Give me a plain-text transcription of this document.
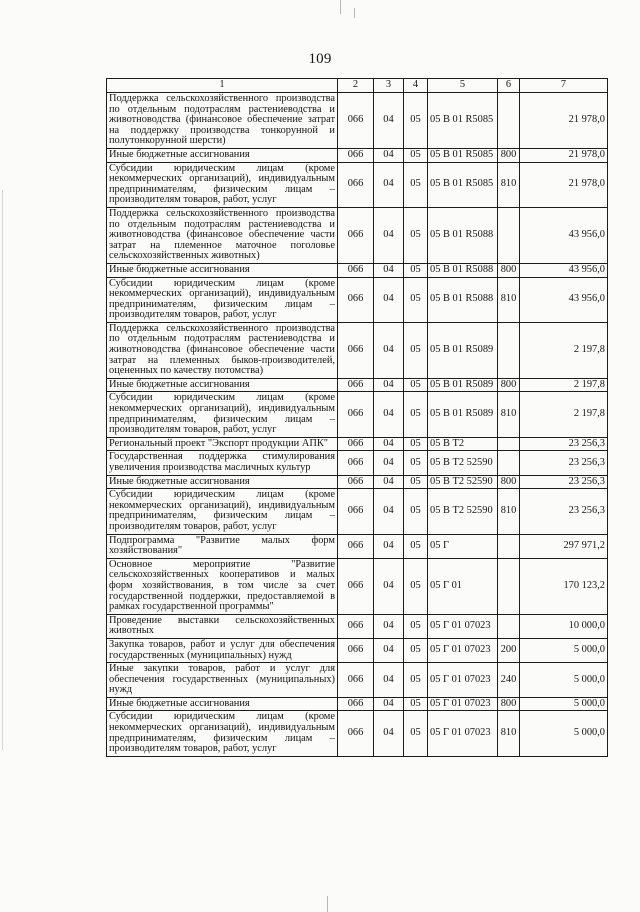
109
1	2	3	4	5	6	7
Поддержка сельскохозяйственного производства по отдельным подотраслям растениеводства и животноводства (финансовое обеспечение затрат на поддержку производства тонкорунной и полутонкорунной шерсти)	066	04	05	05 В 01 R5085		21 978,0
Иные бюджетные ассигнования	066	04	05	05 В 01 R5085	800	21 978,0
Субсидии юридическим лицам (кроме некоммерческих организаций), индивидуальным предпринимателям, физическим лицам – производителям товаров, работ, услуг	066	04	05	05 В 01 R5085	810	21 978,0
Поддержка сельскохозяйственного производства по отдельным подотраслям растениеводства и животноводства (финансовое обеспечение части затрат на племенное маточное поголовье сельскохозяйственных животных)	066	04	05	05 В 01 R5088		43 956,0
Иные бюджетные ассигнования	066	04	05	05 В 01 R5088	800	43 956,0
Субсидии юридическим лицам (кроме некоммерческих организаций), индивидуальным предпринимателям, физическим лицам – производителям товаров, работ, услуг	066	04	05	05 В 01 R5088	810	43 956,0
Поддержка сельскохозяйственного производства по отдельным подотраслям растениеводства и животноводства (финансовое обеспечение части затрат на племенных быков-производителей, оцененных по качеству потомства)	066	04	05	05 В 01 R5089		2 197,8
Иные бюджетные ассигнования	066	04	05	05 В 01 R5089	800	2 197,8
Субсидии юридическим лицам (кроме некоммерческих организаций), индивидуальным предпринимателям, физическим лицам – производителям товаров, работ, услуг	066	04	05	05 В 01 R5089	810	2 197,8
Региональный проект "Экспорт продукции АПК"	066	04	05	05 В Т2		23 256,3
Государственная поддержка стимулирования увеличения производства масличных культур	066	04	05	05 В Т2 52590		23 256,3
Иные бюджетные ассигнования	066	04	05	05 В Т2 52590	800	23 256,3
Субсидии юридическим лицам (кроме некоммерческих организаций), индивидуальным предпринимателям, физическим лицам – производителям товаров, работ, услуг	066	04	05	05 В Т2 52590	810	23 256,3
Подпрограмма "Развитие малых форм хозяйствования"	066	04	05	05 Г		297 971,2
Основное мероприятие "Развитие сельскохозяйственных кооперативов и малых форм хозяйствования, в том числе за счет государственной поддержки, предоставляемой в рамках государственной программы"	066	04	05	05 Г 01		170 123,2
Проведение выставки сельскохозяйственных животных	066	04	05	05 Г 01 07023		10 000,0
Закупка товаров, работ и услуг для обеспечения государственных (муниципальных) нужд	066	04	05	05 Г 01 07023	200	5 000,0
Иные закупки товаров, работ и услуг для обеспечения государственных (муниципальных) нужд	066	04	05	05 Г 01 07023	240	5 000,0
Иные бюджетные ассигнования	066	04	05	05 Г 01 07023	800	5 000,0
Субсидии юридическим лицам (кроме некоммерческих организаций), индивидуальным предпринимателям, физическим лицам – производителям товаров, работ, услуг	066	04	05	05 Г 01 07023	810	5 000,0
